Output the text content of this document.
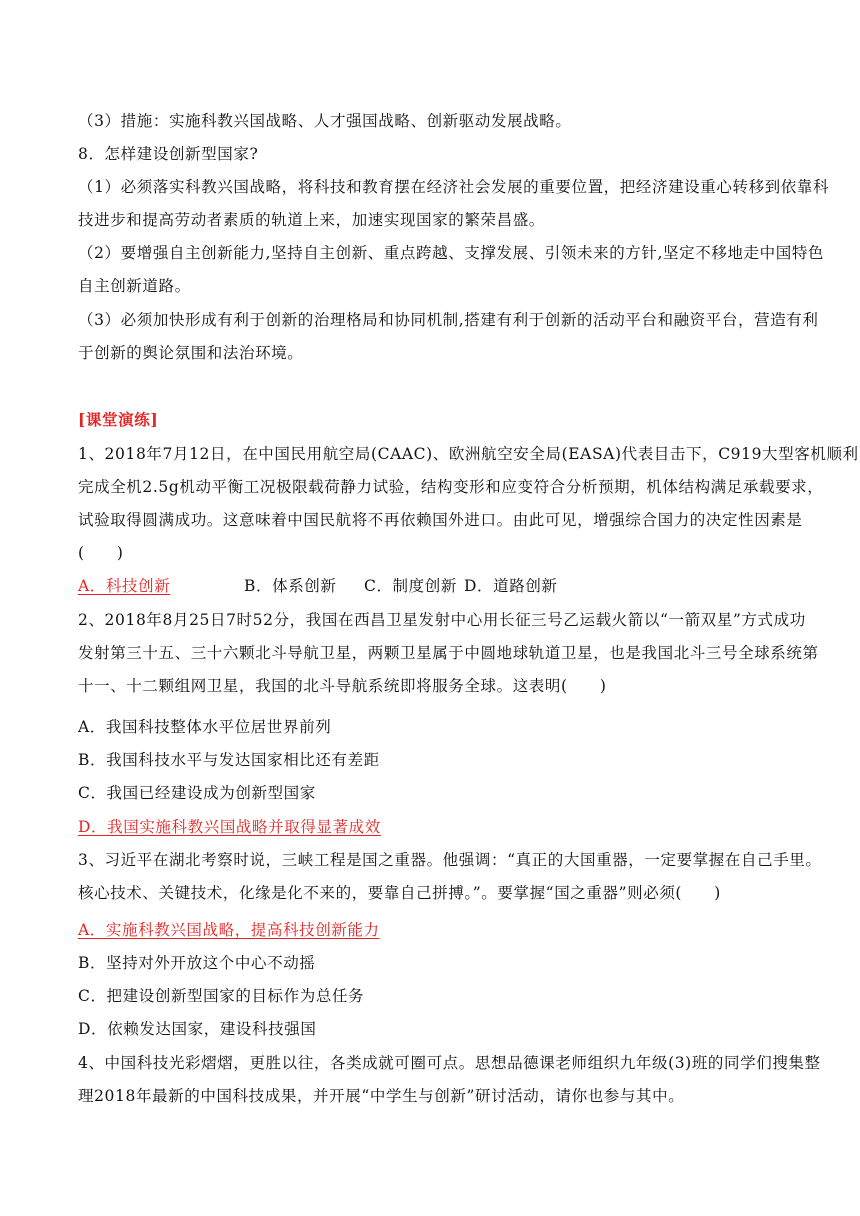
（3）措施：实施科教兴国战略、人才强国战略、创新驱动发展战略。
8．怎样建设创新型国家?
（1）必须落实科教兴国战略，将科技和教育摆在经济社会发展的重要位置，把经济建设重心转移到依靠科
技进步和提高劳动者素质的轨道上来，加速实现国家的繁荣昌盛。
（2）要增强自主创新能力,坚持自主创新、重点跨越、支撑发展、引领未来的方针,坚定不移地走中国特色
自主创新道路。
（3）必须加快形成有利于创新的治理格局和协同机制,搭建有利于创新的活动平台和融资平台，营造有利
于创新的舆论氛围和法治环境。
[课堂演练]
1、2018年7月12日，在中国民用航空局(CAAC)、欧洲航空安全局(EASA)代表目击下，C919大型客机顺利
完成全机2.5g机动平衡工况极限载荷静力试验，结构变形和应变符合分析预期，机体结构满足承载要求，
试验取得圆满成功。这意味着中国民航将不再依赖国外进口。由此可见，增强综合国力的决定性因素是
(　　)
A．科技创新	B．体系创新 C．制度创新 D．道路创新
2、2018年8月25日7时52分，我国在西昌卫星发射中心用长征三号乙运载火箭以“一箭双星”方式成功
发射第三十五、三十六颗北斗导航卫星，两颗卫星属于中圆地球轨道卫星，也是我国北斗三号全球系统第
十一、十二颗组网卫星，我国的北斗导航系统即将服务全球。这表明(　　)
A．我国科技整体水平位居世界前列
B．我国科技水平与发达国家相比还有差距
C．我国已经建设成为创新型国家
D．我国实施科教兴国战略并取得显著成效
3、习近平在湖北考察时说，三峡工程是国之重器。他强调：“真正的大国重器，一定要掌握在自己手里。
核心技术、关键技术，化缘是化不来的，要靠自己拼搏。”。要掌握“国之重器”则必须(　　)
A．实施科教兴国战略，提高科技创新能力
B．坚持对外开放这个中心不动摇
C．把建设创新型国家的目标作为总任务
D．依赖发达国家，建设科技强国
4、中国科技光彩熠熠，更胜以往，各类成就可圈可点。思想品德课老师组织九年级(3)班的同学们搜集整
理2018年最新的中国科技成果，并开展“中学生与创新”研讨活动，请你也参与其中。
